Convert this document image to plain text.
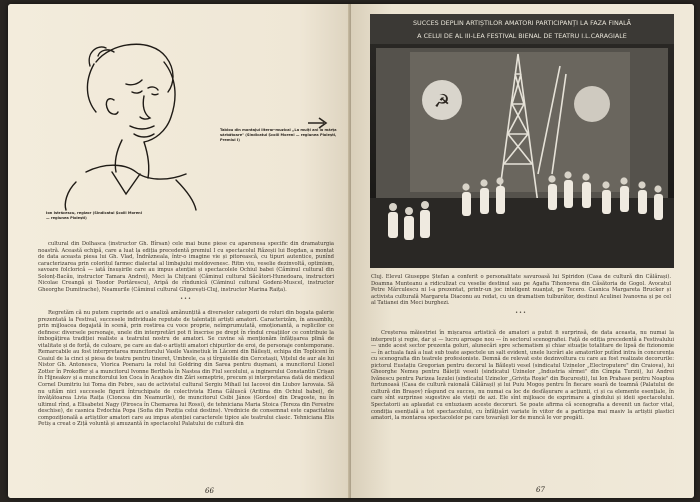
Ion Istrăcescu, regizor (Sindicatul Școlii Moreni — regiunea Ploiești)
Tablou din montajul literar-muzical „La mulți ani la mărța sărbătoare" (Sindicatul Școlii Moreni — regiunea Ploiești, Premiul I)

cultural din Dolhasca (instructor Gh. Bîrsan) cele mai bune piese cu aparenesa specific din dramaturgia noastră. Această echipă, care a luat la ediția precedentă premiul I cu spectacolul Răzeșii lui Bogdan, a montat de data aceasta piesa lui Gh. Vlad, Îndrăzneala, într-o imagine vie și pitorească, cu tipuri autentice, punînd caracterizarea prin coloritul farmec dialectal al limbajului moldovenesc. Ritm viu, veselie dezinvoltă, optimism, savoare folclorică — iată însușirile care au impus atenției și spectacolele Ochiul babei (Căminul cultural din Solonț-Bacău, instructor Tamara Andrei), Meci la Chițcani (Căminul cultural Săcători-Hunedoara, instructori Nicolae Creangă și Teodor Portărescu), Aripă de rîndunică (Căminul cultural Godeni-Muscel, instructor Gheorghe Dumitrache), Neamurile (Căminul cultural Gligorești-Cluj, instructor Marina Raița).

•••

Regretăm că nu putem cuprinde aci o analiză amănunțită a diverselor categorii de roluri din bogata galerie prezentată la Festival, succesele individuale reputate de talentații artiști amatori. Caracterizăm, în ansamblu, prin mijloacea degajată în scenă, prin rostirea cu voce proprie, neîmprumutată, emoționantă, a replicilor ce definesc diversele personaje, unele din interpretări pot fi înscrise pe drept în rîndul creațiilor ce contribuie la îmbogățirea tradiției realiste a teatrului nostru de amatori. Se cuvine să menționăm înfățișarea plină de vitalitate și de forță, de culoare, pe care au dat-o artiștii amatori chipurilor de eroi, de personaje contemporane. Remarcabile au fost interpretarea muncitorului Vasile Vasinetiuk în Lăcomi din Băilești, echipa din Topliceni în Ceaiul de la cinci și piesa de teatru pentru tineret, Umbrele, ca și tîrguielile din Cercetașii, Vițelul de aur ale lui Nistor Gh. Antonescu, Viorica Poenaru la rolul lui Goldring din Sarea pentru dușmani, a muncitorul Lionel Zotter în Prokoffer și a muncitorul Ivonne Berthola în Nastea din Fiul secolului, a inginerului Constantin Crișan în Hijneakov și a muncitorului lon Coca în Acașhov din Zări semeptrie, precum și interpretarea dată de medicul Cornel Dumitriu lui Toma din Febre, sau de activistul cultural Sergiu Mihail lui Iacovoi din Liubov Iarovaia. Să nu uităm nici succesele figurii întruchipate de colectivista Elena Găluscă (Aritina din Ochiul babei), de învățătoarea Livia Raița (Cioncea din Neamurile), de muncitorul Csibi János (Gordos) din Dragoste, nu în ultimul rînd, a Elisabetei Nagy (Pirosca în Chemarea lui Rossi), de tehniciana Maria Stoica (Tereza din Ferestre deschise), de casnica Evdochia Popa (Sofia din Poziția celui destins). Vrednicie de consemnat este capacitatea compozițională a artiștilor amatori care au impus atenției caracterele tipice ale teatrului clasic. Tehniciana Elis Petiș a creat o Ziță voluntă și amuzantă în spectacolul Palatului de cultură din

66
SUCCES DEPLIN ARTIȘTILOR AMATORI PARTICIPANȚI LA FAZA FINALĂ
A CELUI DE AL III-LEA FESTIVAL BIENAL DE TEATRU I.L.CARAGIALE
☭

Cluj. Elevul Giuseppe Ștefan a conferit o personalitate savuroasă lui Spiridon (Casa de cultură din Călărași). Doamna Munteanu a ridiculizat cu veselie destinul sau pe Agafia Tihonovna din Căsătoria de Gogol. Avocatul Petre Mărculescu ni l-a prezentat, printr-un joc inteligent nuanțat, pe Tecero. Casnica Margareta Brucker și activista culturală Margareta Diaconu au redat, cu un dramatism tulburător, destinul Aculinei Ivanovna și pe cel al Tatianei din Meci burghezi.

•••

Creșterea măiestriei în mișcarea artistică de amatori a putut fi surprinsă, de data aceasta, nu numai la interpreți și regie, dar și — lucru aproape nou — în sectorul scenografiei. Față de ediția precedentă a Festivalului — unde acest sector prezenta goluri, alunecări spre schematism și chiar situație totalitare de lipsă de fizionomie — în actuala fază a luat sub toate aspectele un salt evident, unele lucrări ale amatorilor putînd intra în concurența cu scenografia din teatrele profesioniste. Demnă de relevat este dezinvoltura cu care au fost realizate decorurile: pictorul Eustațiu Gregorian pentru decorul la Băilești vesel (sindicatul Uzinelor „Electroputere" din Craiova), lui Gheorghe Nemeș pentru Băieții veseli (sindicatul Uzinelor „Industria sîrmei" din Cîmpia Turzii), lui Andrei Ivănescu pentru Parizea Iezulei (sindicatul Uzinelor „Grivița Roșie" din București), lui Ion Prahase pentru Noaptea furtunoasă (Casa de cultură raională Călărași) și lui Puiu Mogoș pentru În fiecare seară de toamnă (Palatului de cultură din Brașov) răspund cu succes, nu numai ca loc de desfășurare a acțiunii, ci și ca elemente esențiale, în care sînt surprinse sugestive ale vieții de azi. Ele sînt mijloace de exprimare a gîndului și ideii spectacolului. Spectatorii au aplaudat cu entuziasm aceste decoruri. Se poate afirma că scenografia a devenit un factor vital, condiția esențială a tot spectacolului, cu înfățișări variate în viitor de a participa mai masiv la artiștii plastici amatori, la montarea spectacolelor pe care tovarășii lor de muncă le vor pregăti.

67
